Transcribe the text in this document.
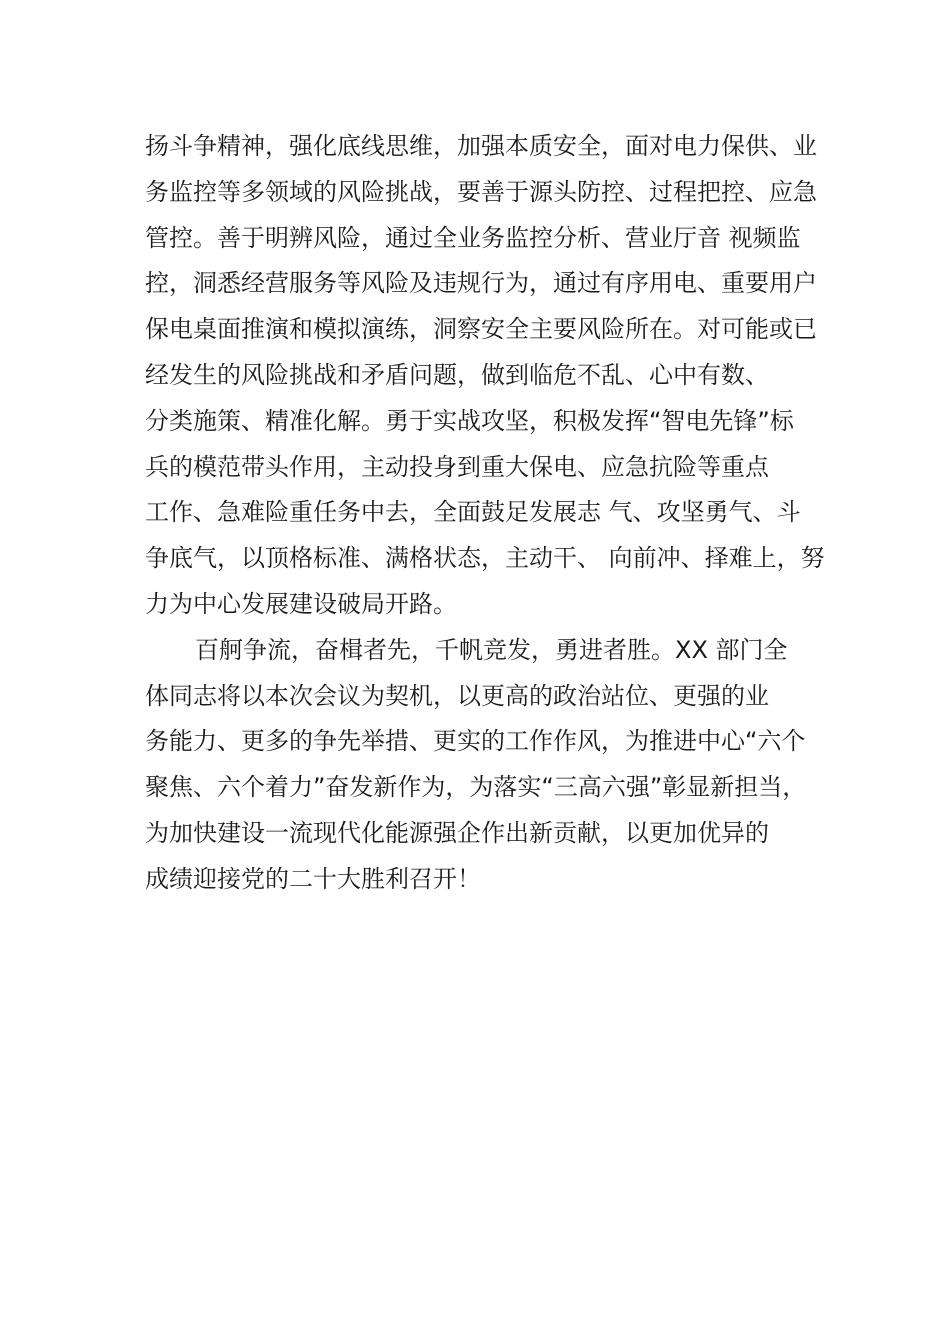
扬斗争精神，强化底线思维，加强本质安全，面对电力保供、业
务监控等多领域的风险挑战，要善于源头防控、过程把控、应急
管控。善于明辨风险，通过全业务监控分析、营业厅音 视频监
控，洞悉经营服务等风险及违规行为，通过有序用电、重要用户
保电桌面推演和模拟演练，洞察安全主要风险所在。对可能或已
经发生的风险挑战和矛盾问题，做到临危不乱、心中有数、
分类施策、精准化解。勇于实战攻坚，积极发挥“智电先锋”标
兵的模范带头作用，主动投身到重大保电、应急抗险等重点
工作、急难险重任务中去，全面鼓足发展志 气、攻坚勇气、斗
争底气，以顶格标准、满格状态，主动干、 向前冲、择难上，努
力为中心发展建设破局开路。
百舸争流，奋楫者先，千帆竞发，勇进者胜。XX 部门全
体同志将以本次会议为契机，以更高的政治站位、更强的业
务能力、更多的争先举措、更实的工作作风，为推进中心“六个
聚焦、六个着力”奋发新作为，为落实“三高六强”彰显新担当，
为加快建设一流现代化能源强企作出新贡献，以更加优异的
成绩迎接党的二十大胜利召开！
